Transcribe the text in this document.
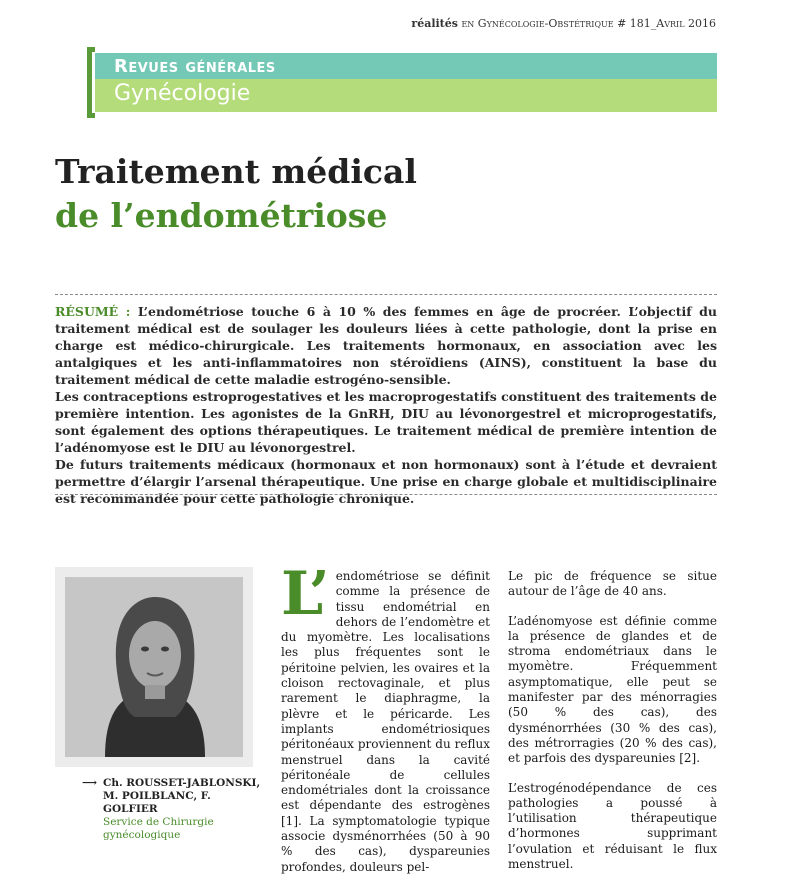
réalités en Gynécologie-Obstétrique # 181_Avril 2016
Revues générales
Gynécologie
Traitement médical
de l’endométriose

RÉSUMÉ : L’endométriose touche 6 à 10 % des femmes en âge de procréer. L’objectif du traitement médical est de soulager les douleurs liées à cette pathologie, dont la prise en charge est médico-chirurgicale. Les traitements hormonaux, en association avec les antalgiques et les anti-inflammatoires non stéroïdiens (AINS), constituent la base du traitement médical de cette maladie estrogéno-sensible.

Les contraceptions estroprogestatives et les macroprogestatifs constituent des traitements de première intention. Les agonistes de la GnRH, DIU au lévonorgestrel et microprogestatifs, sont également des options thérapeutiques. Le traitement médical de première intention de l’adénomyose est le DIU au lévonorgestrel.

De futurs traitements médicaux (hormonaux et non hormonaux) sont à l’étude et devraient permettre d’élargir l’arsenal thérapeutique. Une prise en charge globale et multidisciplinaire est recommandée pour cette pathologie chronique.

⟶ Ch. ROUSSET-JABLONSKI,
M. POILBLANC, F. GOLFIER
Service de Chirurgie gynécologique

L’ endométriose se définit comme la présence de tissu endométrial en dehors de l’endomètre et du myomètre. Les localisations les plus fréquentes sont le péritoine pelvien, les ovaires et la cloison rectovaginale, et plus rarement le diaphragme, la plèvre et le péricarde. Les implants endométriosiques péritonéaux proviennent du reflux menstruel dans la cavité péritonéale de cellules endométriales dont la croissance est dépendante des estrogènes [1]. La symptomatologie typique associe dysménorrhées (50 à 90 % des cas), dyspareunies profondes, douleurs pel-

Le pic de fréquence se situe autour de l’âge de 40 ans.

L’adénomyose est définie comme la présence de glandes et de stroma endométriaux dans le myomètre. Fréquemment asymptomatique, elle peut se manifester par des ménorragies (50 % des cas), des dysménorrhées (30 % des cas), des métrorragies (20 % des cas), et parfois des dyspareunies [2].

L’estrogénodépendance de ces pathologies a poussé à l’utilisation thérapeutique d’hormones supprimant l’ovulation et réduisant le flux menstruel.
